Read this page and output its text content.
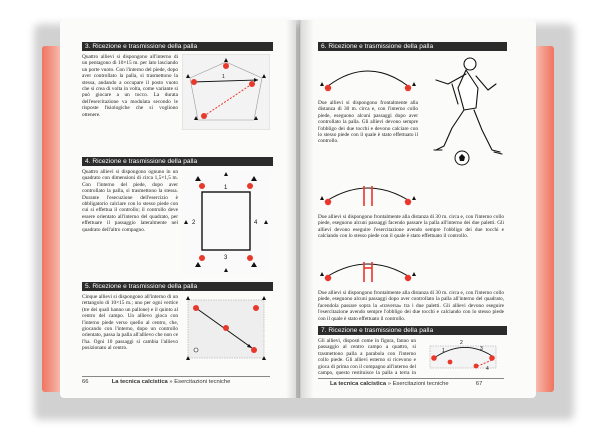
3. Ricezione e trasmissione della palla
Quattro allievi si dispongono all'interno di un pentagono di 10×15 m. per lato lasciando un porte vuoto. Con l'interno del piede, dopo aver controllato la palla, si trasmettono la stessa, andando a occupare il posto vuoto che si crea di volta in volta, come variante si può giocare a un tocco. La durata dell'esercitazione va modulata secondo le risposte fisiologiche che si vogliono ottenere.
1
4. Ricezione e trasmissione della palla
Quattro allievi si dispongono ognuno in un quadrato con dimensioni di circa 1,5×1,5 m. Con l'interno del piede, dopo aver controllato la palla, si trasmettono la stessa. Durante l'esecuzione dell'esercizio è obbligatorio calciare con lo stesso piede con cui si effettua il controllo; il controllo deve essere orientato all'interno del quadrato, per effettuare il passaggio lateralmente nel quadrato dell'altro compagno.
1
2
3
4
5. Ricezione e trasmissione della palla
Cinque allievi si dispongono all'interno di un rettangolo di 10×15 m.; uno per ogni vertice (tre dei quali hanno un pallone) e il quinto al centro del campo. Un allievo gioca con l'interno piede verso quello al centro, che, giocando con l'interno, dopo un controllo orientato, passa la palla all'allievo che non ce l'ha. Ogni 10 passaggi si cambia l'allievo posizionato al centro.
66	La tecnica calcistica » Esercitazioni tecniche
6. Ricezione e trasmissione della palla
Due allievi si dispongono frontalmente alla distanza di 30 m. circa e, con l'interno collo piede, eseguono alcuni passaggi dopo aver controllato la palla. Gli allievi devono sempre l'obbligo dei due tocchi e devono calciare con lo stesso piede con il quale è stato effettuato il controllo.
Due allievi si dispongono frontalmente alla distanza di 30 m. circa e, con l'interno collo piede, eseguono alcuni passaggi facendo passare la palla all'interno dei due paletti. Gli allievi devono eseguire l'esercitazione avendo sempre l'obbligo dei due tocchi e calciando con lo stesso piede con il quale è stato effettuato il controllo.
Due allievi si dispongono frontalmente alla distanza di 30 m. circa e, con l'interno collo piede, eseguono alcuni passaggi dopo aver controllato la palla all'interno del quadrato, facendola passare sopra la «traversa» tra i due paletti. Gli allievi devono eseguire l'esercitazione avendo sempre l'obbligo dei due tocchi e calciando con lo stesso piede con il quale è stato effettuato il controllo.
7. Ricezione e trasmissione della palla
Gli allievi, disposti come in figura, fanno un passaggio al centro campo a quattro, si trasmettono palla a parabola con l'interno collo piede. Gli allievi esterno si ricevono e gioca di prima con il compagno all'interno del campo, questo restituisce la palla a terra in
1
2
3
4
La tecnica calcistica » Esercitazioni tecniche	67
